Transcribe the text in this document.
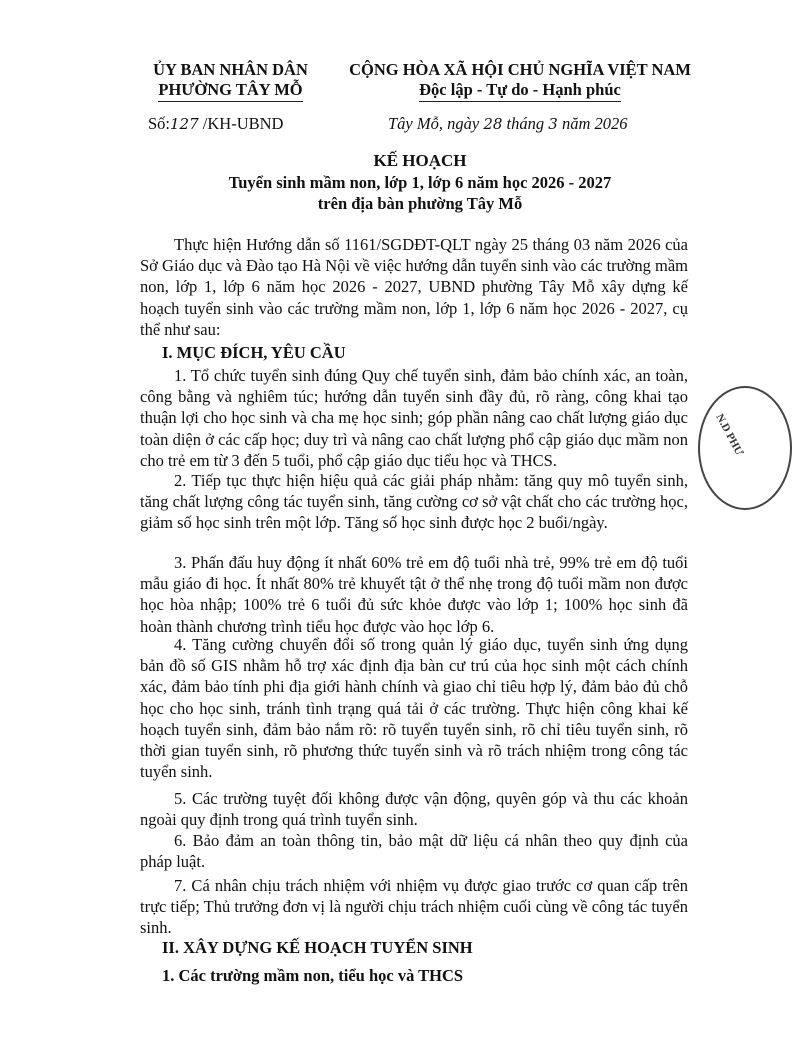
ỦY BAN NHÂN DÂN
PHƯỜNG TÂY MỖ
CỘNG HÒA XÃ HỘI CHỦ NGHĨA VIỆT NAM
Độc lập - Tự do - Hạnh phúc
Số:127 /KH-UBND	Tây Mỗ, ngày 28 tháng 3 năm 2026
KẾ HOẠCH
Tuyển sinh mầm non, lớp 1, lớp 6 năm học 2026 - 2027
trên địa bàn phường Tây Mỗ

Thực hiện Hướng dẫn số 1161/SGDĐT-QLT ngày 25 tháng 03 năm 2026 của Sở Giáo dục và Đào tạo Hà Nội về việc hướng dẫn tuyển sinh vào các trường mầm non, lớp 1, lớp 6 năm học 2026 - 2027, UBND phường Tây Mỗ xây dựng kế hoạch tuyển sinh vào các trường mầm non, lớp 1, lớp 6 năm học 2026 - 2027, cụ thể như sau:

I. MỤC ĐÍCH, YÊU CẦU

1. Tổ chức tuyển sinh đúng Quy chế tuyển sinh, đảm bảo chính xác, an toàn, công bằng và nghiêm túc; hướng dẫn tuyển sinh đầy đủ, rõ ràng, công khai tạo thuận lợi cho học sinh và cha mẹ học sinh; góp phần nâng cao chất lượng giáo dục toàn diện ở các cấp học; duy trì và nâng cao chất lượng phổ cập giáo dục mầm non cho trẻ em từ 3 đến 5 tuổi, phổ cập giáo dục tiểu học và THCS.

2. Tiếp tục thực hiện hiệu quả các giải pháp nhằm: tăng quy mô tuyển sinh, tăng chất lượng công tác tuyển sinh, tăng cường cơ sở vật chất cho các trường học, giảm số học sinh trên một lớp. Tăng số học sinh được học 2 buổi/ngày.

3. Phấn đấu huy động ít nhất 60% trẻ em độ tuổi nhà trẻ, 99% trẻ em độ tuổi mẫu giáo đi học. Ít nhất 80% trẻ khuyết tật ở thể nhẹ trong độ tuổi mầm non được học hòa nhập; 100% trẻ 6 tuổi đủ sức khỏe được vào lớp 1; 100% học sinh đã hoàn thành chương trình tiểu học được vào học lớp 6.

4. Tăng cường chuyển đổi số trong quản lý giáo dục, tuyển sinh ứng dụng bản đồ số GIS nhằm hỗ trợ xác định địa bàn cư trú của học sinh một cách chính xác, đảm bảo tính phi địa giới hành chính và giao chỉ tiêu hợp lý, đảm bảo đủ chỗ học cho học sinh, tránh tình trạng quá tải ở các trường. Thực hiện công khai kế hoạch tuyển sinh, đảm bảo nắm rõ: rõ tuyển tuyển sinh, rõ chỉ tiêu tuyển sinh, rõ thời gian tuyển sinh, rõ phương thức tuyển sinh và rõ trách nhiệm trong công tác tuyển sinh.

5. Các trường tuyệt đối không được vận động, quyên góp và thu các khoản ngoài quy định trong quá trình tuyển sinh.

6. Bảo đảm an toàn thông tin, bảo mật dữ liệu cá nhân theo quy định của pháp luật.

7. Cá nhân chịu trách nhiệm với nhiệm vụ được giao trước cơ quan cấp trên trực tiếp; Thủ trưởng đơn vị là người chịu trách nhiệm cuối cùng về công tác tuyển sinh.

II. XÂY DỰNG KẾ HOẠCH TUYỂN SINH
1. Các trường mầm non, tiểu học và THCS
N.D PHƯ
